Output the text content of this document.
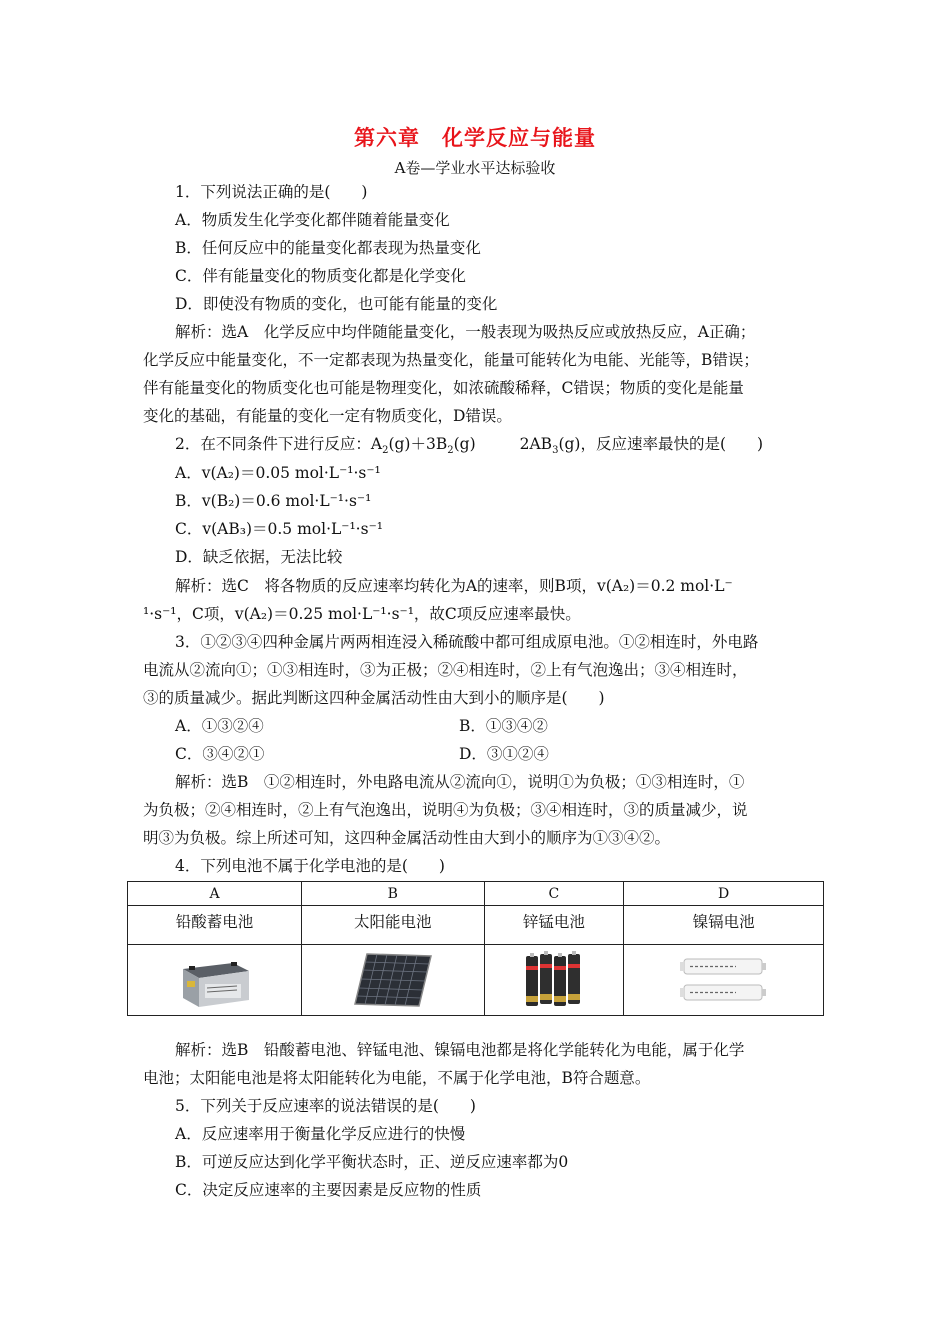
第六章　化学反应与能量
A卷—学业水平达标验收
1．下列说法正确的是(　　)
A．物质发生化学变化都伴随着能量变化
B．任何反应中的能量变化都表现为热量变化
C．伴有能量变化的物质变化都是化学变化
D．即使没有物质的变化，也可能有能量的变化
解析：选A　化学反应中均伴随能量变化，一般表现为吸热反应或放热反应，A正确；
化学反应中能量变化，不一定都表现为热量变化，能量可能转化为电能、光能等，B错误；
伴有能量变化的物质变化也可能是物理变化，如浓硫酸稀释，C错误；物质的变化是能量
变化的基础，有能量的变化一定有物质变化，D错误。
2．在不同条件下进行反应：$A_2(g)+3B_2(g)$	$2AB_3(g)$，反应速率最快的是(　　)
A．v(A₂)＝0.05 mol·L⁻¹·s⁻¹
B．v(B₂)＝0.6 mol·L⁻¹·s⁻¹
C．v(AB₃)＝0.5 mol·L⁻¹·s⁻¹
D．缺乏依据，无法比较
解析：选C　将各物质的反应速率均转化为A的速率，则B项，v(A₂)＝0.2 mol·L⁻
¹·s⁻¹，C项，v(A₂)＝0.25 mol·L⁻¹·s⁻¹，故C项反应速率最快。
3．①②③④四种金属片两两相连浸入稀硫酸中都可组成原电池。①②相连时，外电路
电流从②流向①；①③相连时，③为正极；②④相连时，②上有气泡逸出；③④相连时，
③的质量减少。据此判断这四种金属活动性由大到小的顺序是(　　)
A．①③②④	B．①③④②
C．③④②①	D．③①②④
解析：选B　①②相连时，外电路电流从②流向①，说明①为负极；①③相连时，①
为负极；②④相连时，②上有气泡逸出，说明④为负极；③④相连时，③的质量减少，说
明③为负极。综上所述可知，这四种金属活动性由大到小的顺序为①③④②。
4．下列电池不属于化学电池的是(　　)
A	B	C	D
铅酸蓄电池	太阳能电池	锌锰电池	镍镉电池

解析：选B　铅酸蓄电池、锌锰电池、镍镉电池都是将化学能转化为电能，属于化学
电池；太阳能电池是将太阳能转化为电能，不属于化学电池，B符合题意。
5．下列关于反应速率的说法错误的是(　　)
A．反应速率用于衡量化学反应进行的快慢
B．可逆反应达到化学平衡状态时，正、逆反应速率都为0
C．决定反应速率的主要因素是反应物的性质
